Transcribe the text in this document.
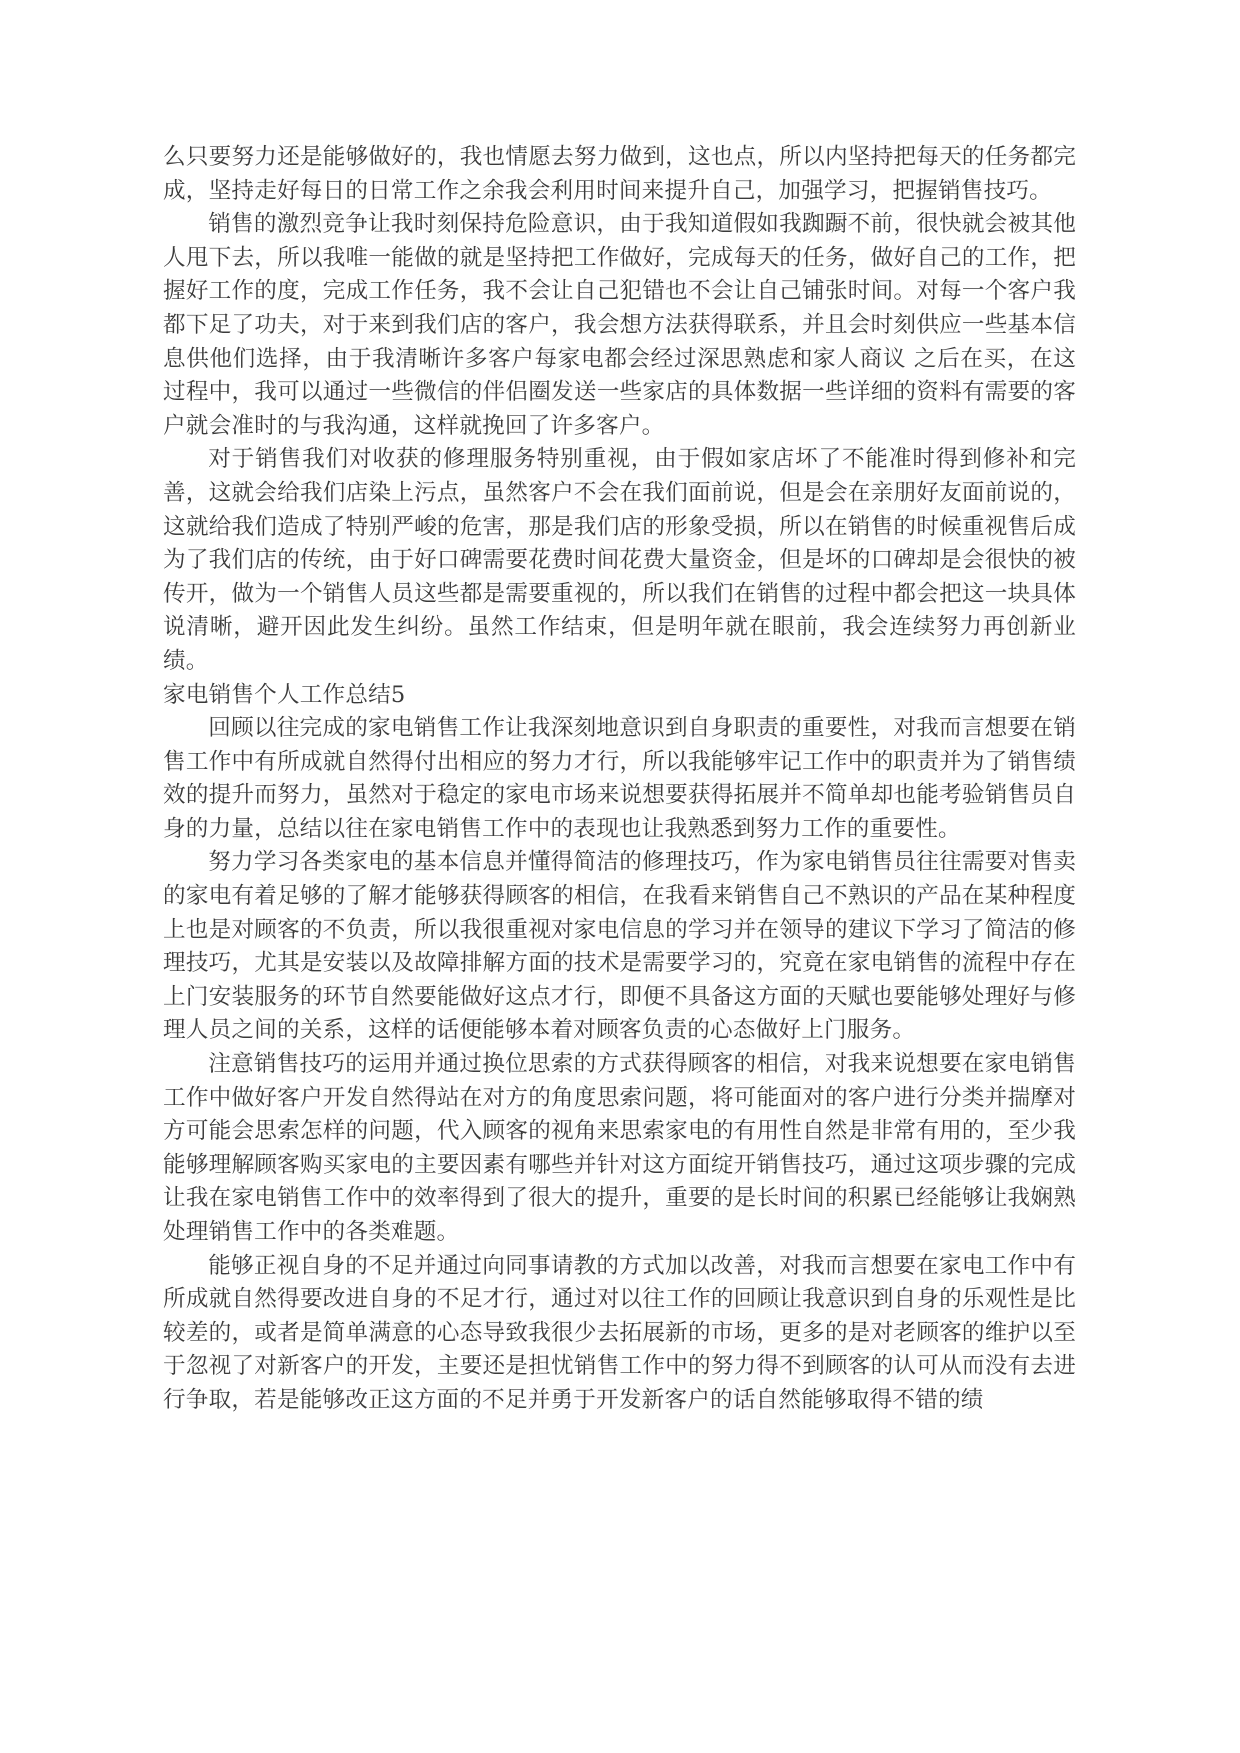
么只要努力还是能够做好的，我也情愿去努力做到，这也点，所以内坚持把每天的任务都完成，坚持走好每日的日常工作之余我会利用时间来提升自己，加强学习，把握销售技巧。

销售的激烈竞争让我时刻保持危险意识，由于我知道假如我踟蹰不前，很快就会被其他人甩下去，所以我唯一能做的就是坚持把工作做好，完成每天的任务，做好自己的工作，把握好工作的度，完成工作任务，我不会让自己犯错也不会让自己铺张时间。对每一个客户我都下足了功夫，对于来到我们店的客户，我会想方法获得联系，并且会时刻供应一些基本信息供他们选择，由于我清晰许多客户每家电都会经过深思熟虑和家人商议 之后在买，在这过程中，我可以通过一些微信的伴侣圈发送一些家店的具体数据一些详细的资料有需要的客户就会准时的与我沟通，这样就挽回了许多客户。

对于销售我们对收获的修理服务特别重视，由于假如家店坏了不能准时得到修补和完善，这就会给我们店染上污点，虽然客户不会在我们面前说，但是会在亲朋好友面前说的，这就给我们造成了特别严峻的危害，那是我们店的形象受损，所以在销售的时候重视售后成为了我们店的传统，由于好口碑需要花费时间花费大量资金，但是坏的口碑却是会很快的被传开，做为一个销售人员这些都是需要重视的，所以我们在销售的过程中都会把这一块具体说清晰，避开因此发生纠纷。虽然工作结束，但是明年就在眼前，我会连续努力再创新业绩。

家电销售个人工作总结5

回顾以往完成的家电销售工作让我深刻地意识到自身职责的重要性，对我而言想要在销售工作中有所成就自然得付出相应的努力才行，所以我能够牢记工作中的职责并为了销售绩效的提升而努力，虽然对于稳定的家电市场来说想要获得拓展并不简单却也能考验销售员自身的力量，总结以往在家电销售工作中的表现也让我熟悉到努力工作的重要性。

努力学习各类家电的基本信息并懂得简洁的修理技巧，作为家电销售员往往需要对售卖的家电有着足够的了解才能够获得顾客的相信，在我看来销售自己不熟识的产品在某种程度上也是对顾客的不负责，所以我很重视对家电信息的学习并在领导的建议下学习了简洁的修理技巧，尤其是安装以及故障排解方面的技术是需要学习的，究竟在家电销售的流程中存在上门安装服务的环节自然要能做好这点才行，即便不具备这方面的天赋也要能够处理好与修理人员之间的关系，这样的话便能够本着对顾客负责的心态做好上门服务。

注意销售技巧的运用并通过换位思索的方式获得顾客的相信，对我来说想要在家电销售工作中做好客户开发自然得站在对方的角度思索问题，将可能面对的客户进行分类并揣摩对方可能会思索怎样的问题，代入顾客的视角来思索家电的有用性自然是非常有用的，至少我能够理解顾客购买家电的主要因素有哪些并针对这方面绽开销售技巧，通过这项步骤的完成让我在家电销售工作中的效率得到了很大的提升，重要的是长时间的积累已经能够让我娴熟处理销售工作中的各类难题。

能够正视自身的不足并通过向同事请教的方式加以改善，对我而言想要在家电工作中有所成就自然得要改进自身的不足才行，通过对以往工作的回顾让我意识到自身的乐观性是比较差的，或者是简单满意的心态导致我很少去拓展新的市场，更多的是对老顾客的维护以至于忽视了对新客户的开发，主要还是担忧销售工作中的努力得不到顾客的认可从而没有去进行争取，若是能够改正这方面的不足并勇于开发新客户的话自然能够取得不错的绩
